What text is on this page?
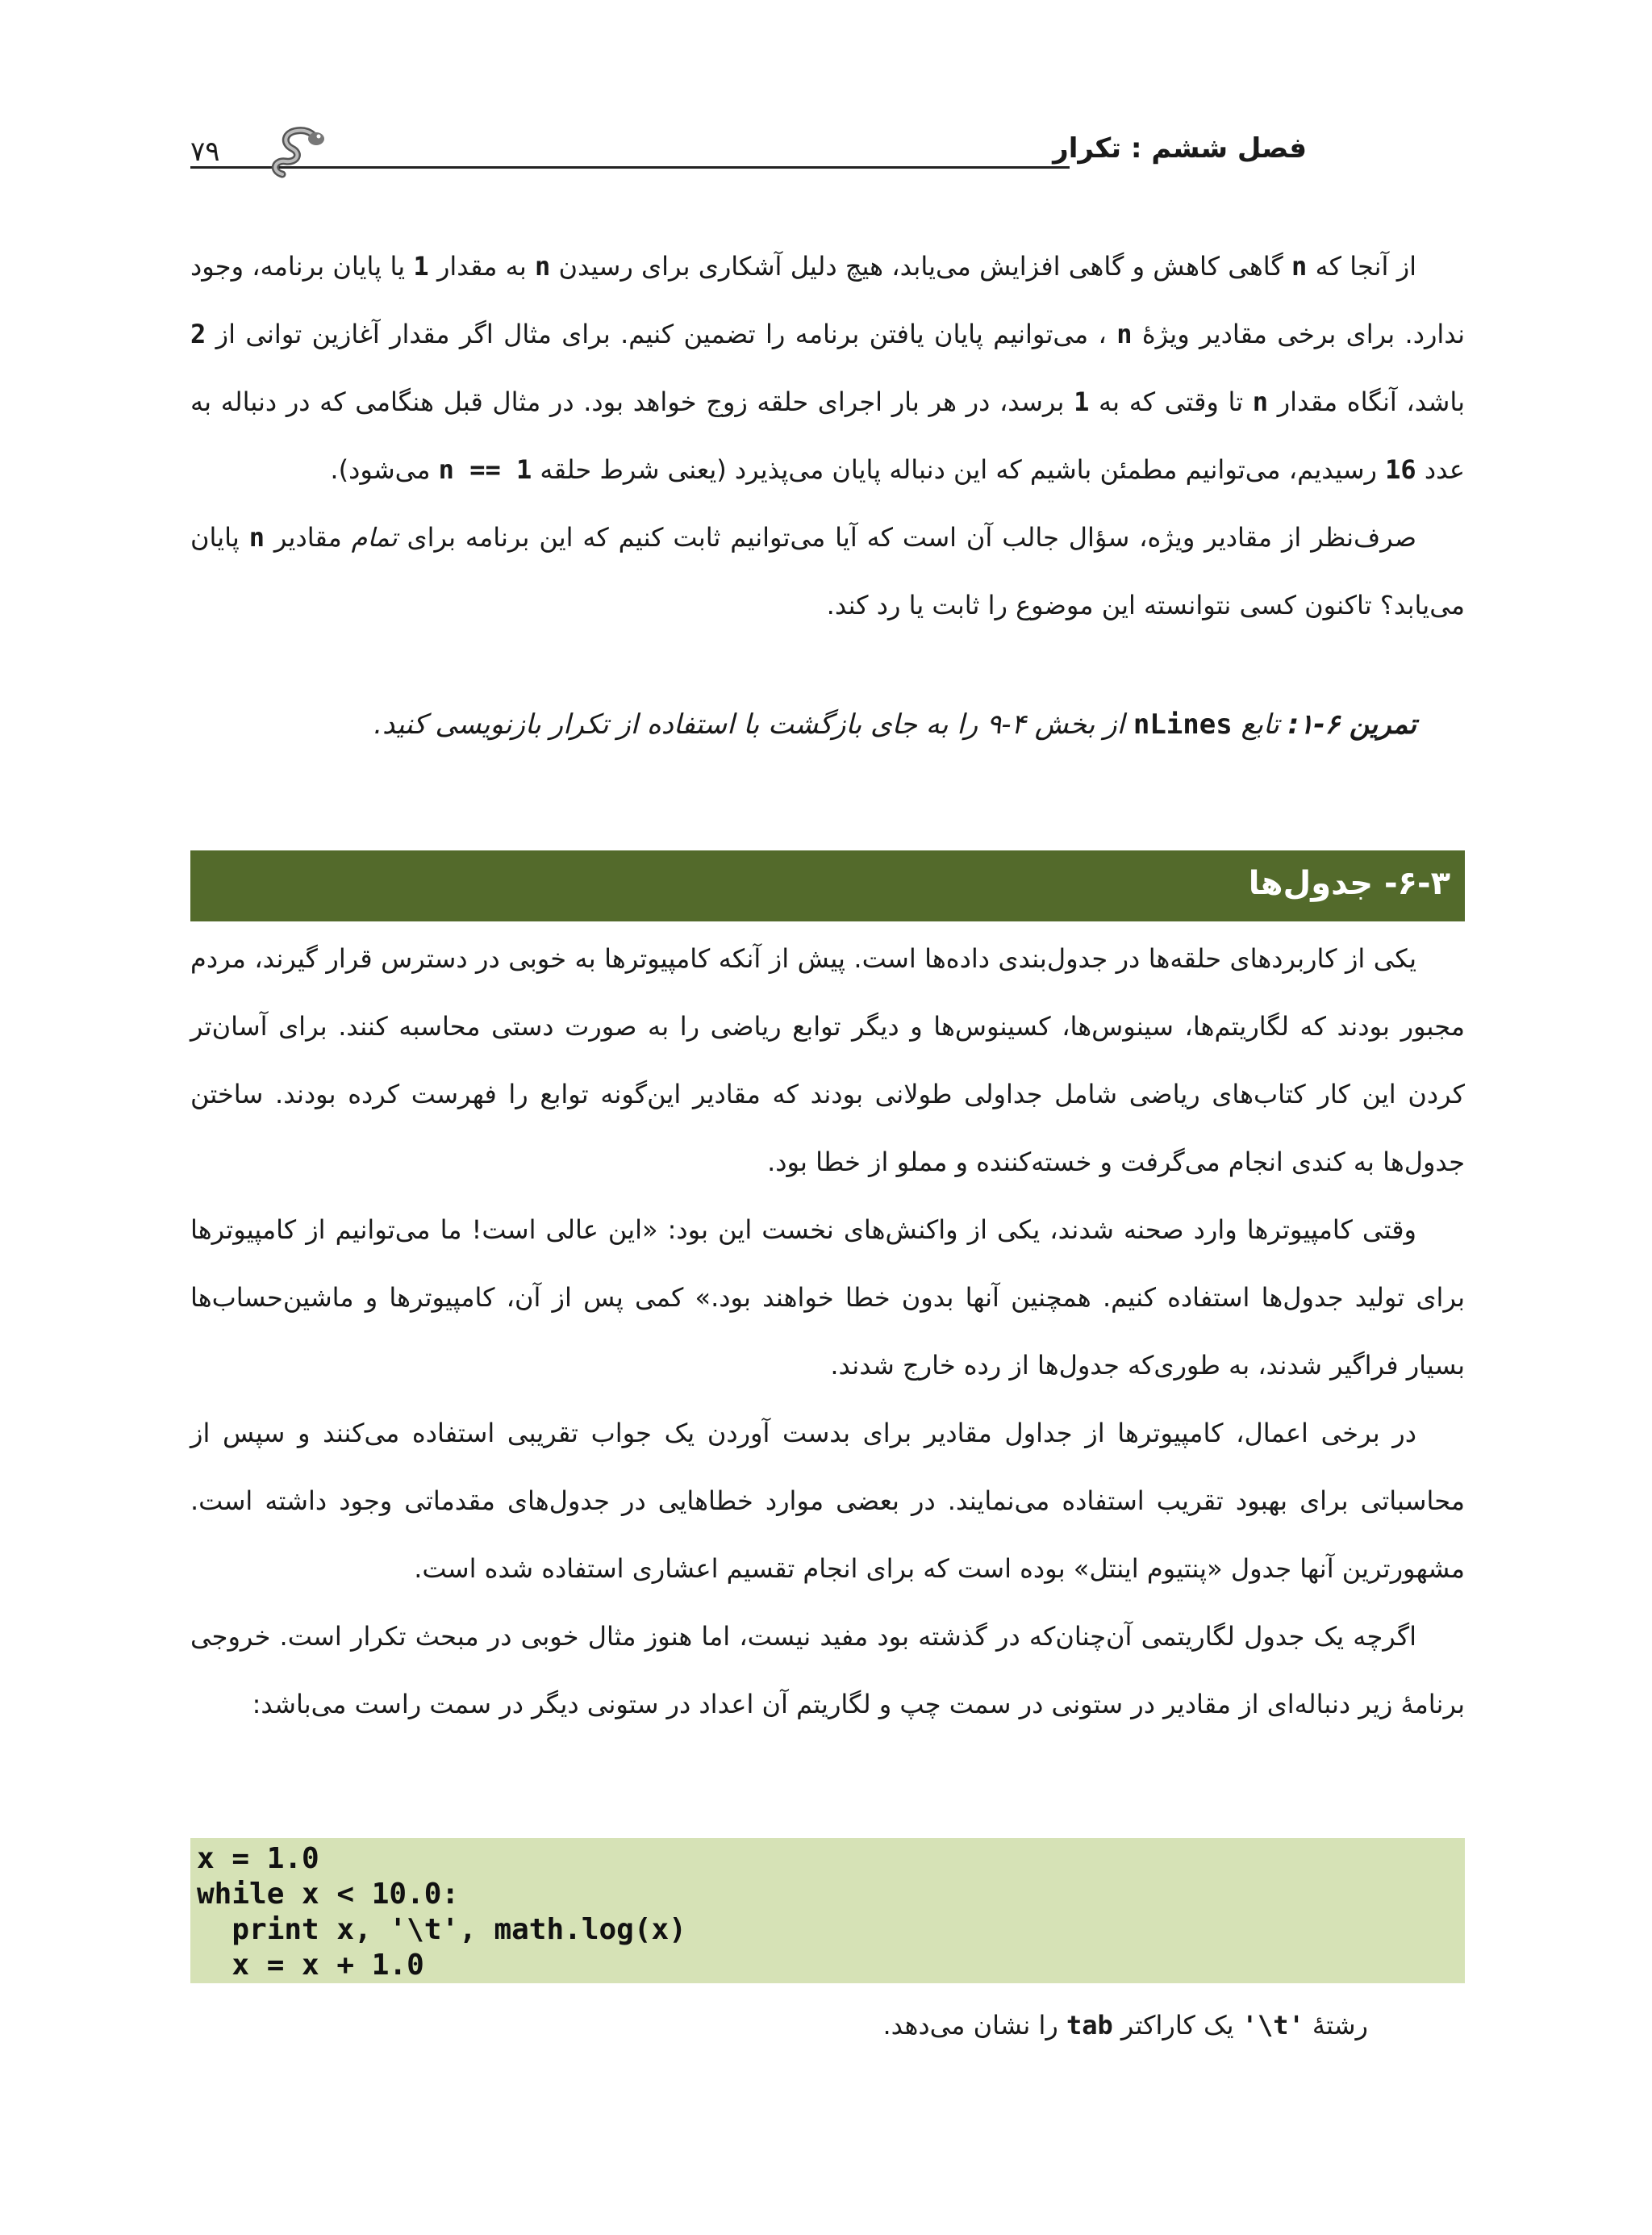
فصل ششم : تکرار
۷۹

از آنجا که n گاهی کاهش و گاهی افزایش می‌یابد، هیچ دلیل آشکاری برای رسیدن n به مقدار 1 یا پایان برنامه، وجود ندارد. برای برخی مقادیر ویژۀ n ، می‌توانیم پایان یافتن برنامه را تضمین کنیم. برای مثال اگر مقدار آغازین توانی از 2 باشد، آنگاه مقدار n تا وقتی که به 1 برسد، در هر بار اجرای حلقه زوج خواهد بود. در مثال قبل هنگامی که در دنباله به عدد 16 رسیدیم، می‌توانیم مطمئن باشیم که این دنباله پایان می‌پذیرد (یعنی شرط حلقه n == 1 می‌شود).

صرف‌نظر از مقادیر ویژه، سؤال جالب آن است که آیا می‌توانیم ثابت کنیم که این برنامه برای تمام مقادیر n پایان می‌یابد؟ تاکنون کسی نتوانسته این موضوع را ثابت یا رد کند.

تمرین ۶-۱: تابع nLines از بخش ۴-۹ را به جای بازگشت با استفاده از تکرار بازنویسی کنید.

۶-۳- جدول‌ها

یکی از کاربردهای حلقه‌ها در جدول‌بندی داده‌ها است. پیش از آنکه کامپیوترها به خوبی در دسترس قرار گیرند، مردم مجبور بودند که لگاریتم‌ها، سینوس‌ها، کسینوس‌ها و دیگر توابع ریاضی را به صورت دستی محاسبه کنند. برای آسان‌تر کردن این کار کتاب‌های ریاضی شامل جداولی طولانی بودند که مقادیر این‌گونه توابع را فهرست کرده بودند. ساختن جدول‌ها به کندی انجام می‌گرفت و خسته‌کننده و مملو از خطا بود.

وقتی کامپیوترها وارد صحنه شدند، یکی از واکنش‌های نخست این بود: «این عالی است! ما می‌توانیم از کامپیوترها برای تولید جدول‌ها استفاده کنیم. همچنین آنها بدون خطا خواهند بود.» کمی پس از آن، کامپیوترها و ماشین‌حساب‌ها بسیار فراگیر شدند، به طوری‌که جدول‌ها از رده خارج شدند.

در برخی اعمال، کامپیوترها از جداول مقادیر برای بدست آوردن یک جواب تقریبی استفاده می‌کنند و سپس از محاسباتی برای بهبود تقریب استفاده می‌نمایند. در بعضی موارد خطاهایی در جدول‌های مقدماتی وجود داشته است. مشهورترین آنها جدول «پنتیوم اینتل» بوده است که برای انجام تقسیم اعشاری استفاده شده است.

اگرچه یک جدول لگاریتمی آن‌چنان‌که در گذشته بود مفید نیست، اما هنوز مثال خوبی در مبحث تکرار است. خروجی برنامۀ زیر دنباله‌ای از مقادیر در ستونی در سمت چپ و لگاریتم آن اعداد در ستونی دیگر در سمت راست می‌باشد:

x = 1.0
while x < 10.0:
print x, '\t', math.log(x)
x = x + 1.0
رشتۀ '\t' یک کاراکتر tab را نشان می‌دهد.
